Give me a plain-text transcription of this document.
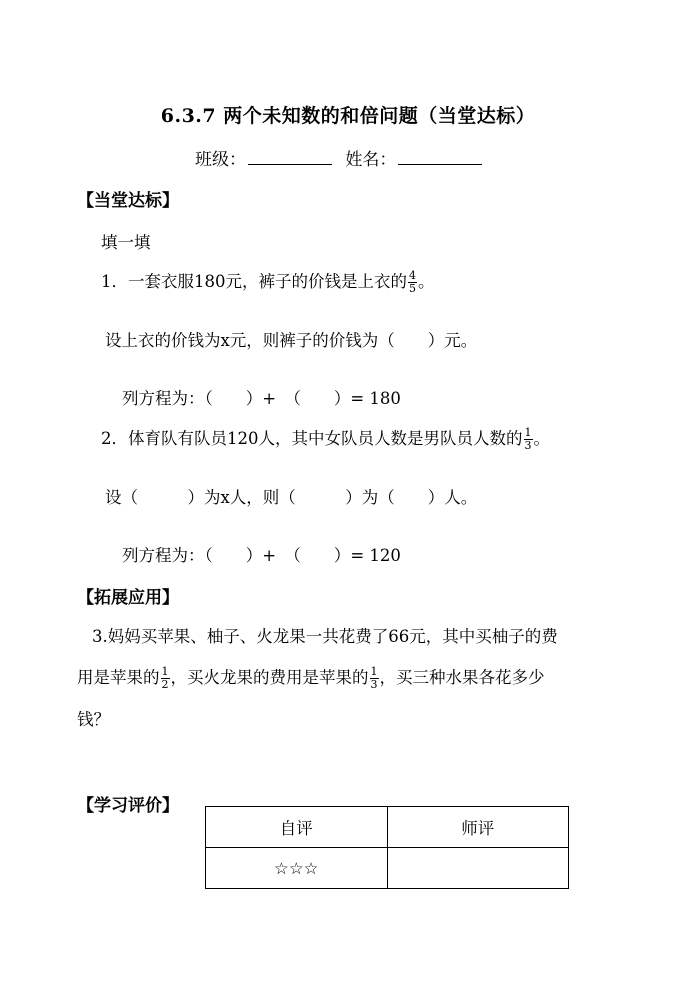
6.3.7 两个未知数的和倍问题（当堂达标）
班级：	姓名：
【当堂达标】
填一填
1．一套衣服180元，裤子的价钱是上衣的 $\frac{4}{5}$ 。
设上衣的价钱为x元，则裤子的价钱为（　　）元。
列方程为：（　　）+　（　　）= 180
2．体育队有队员120人，其中女队员人数是男队员人数的 $\frac{1}{3}$ 。
设（　　　）为x人，则（　　　）为（　　）人。
列方程为：（　　）+　（　　）= 120
【拓展应用】
3.妈妈买苹果、柚子、火龙果一共花费了66元，其中买柚子的费
用是苹果的 $\frac{1}{2}$ ，买火龙果的费用是苹果的 $\frac{1}{3}$ ，买三种水果各花多少
钱？
【学习评价】
自评	师评
☆☆☆	
